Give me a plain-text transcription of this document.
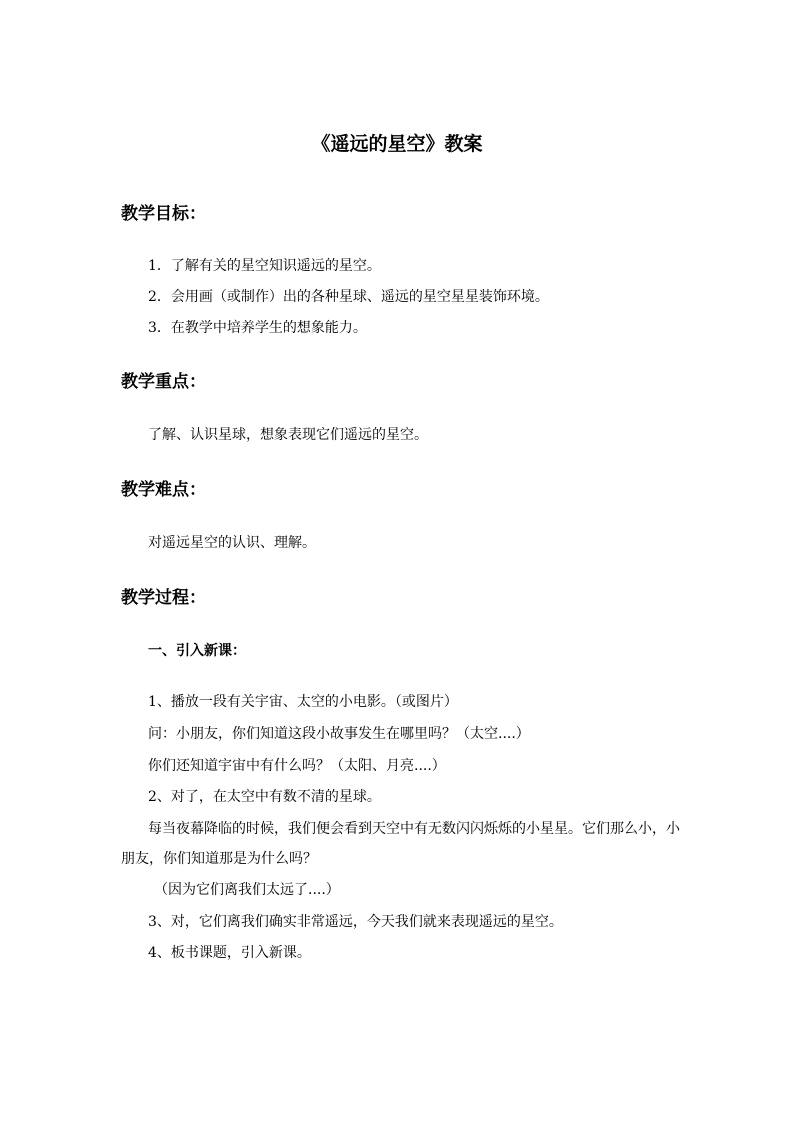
《遥远的星空》教案
教学目标：

1．了解有关的星空知识遥远的星空。

2．会用画（或制作）出的各种星球、遥远的星空星星装饰环境。

3．在教学中培养学生的想象能力。

教学重点：

了解、认识星球，想象表现它们遥远的星空。

教学难点：

对遥远星空的认识、理解。

教学过程：

一、引入新课：

1、播放一段有关宇宙、太空的小电影。（或图片）

问：小朋友，你们知道这段小故事发生在哪里吗？（太空....）

你们还知道宇宙中有什么吗？（太阳、月亮....）

2、对了，在太空中有数不清的星球。

每当夜幕降临的时候，我们便会看到天空中有无数闪闪烁烁的小星星。它们那么小，小朋友，你们知道那是为什么吗？

（因为它们离我们太远了....）

3、对，它们离我们确实非常遥远，今天我们就来表现遥远的星空。

4、板书课题，引入新课。
